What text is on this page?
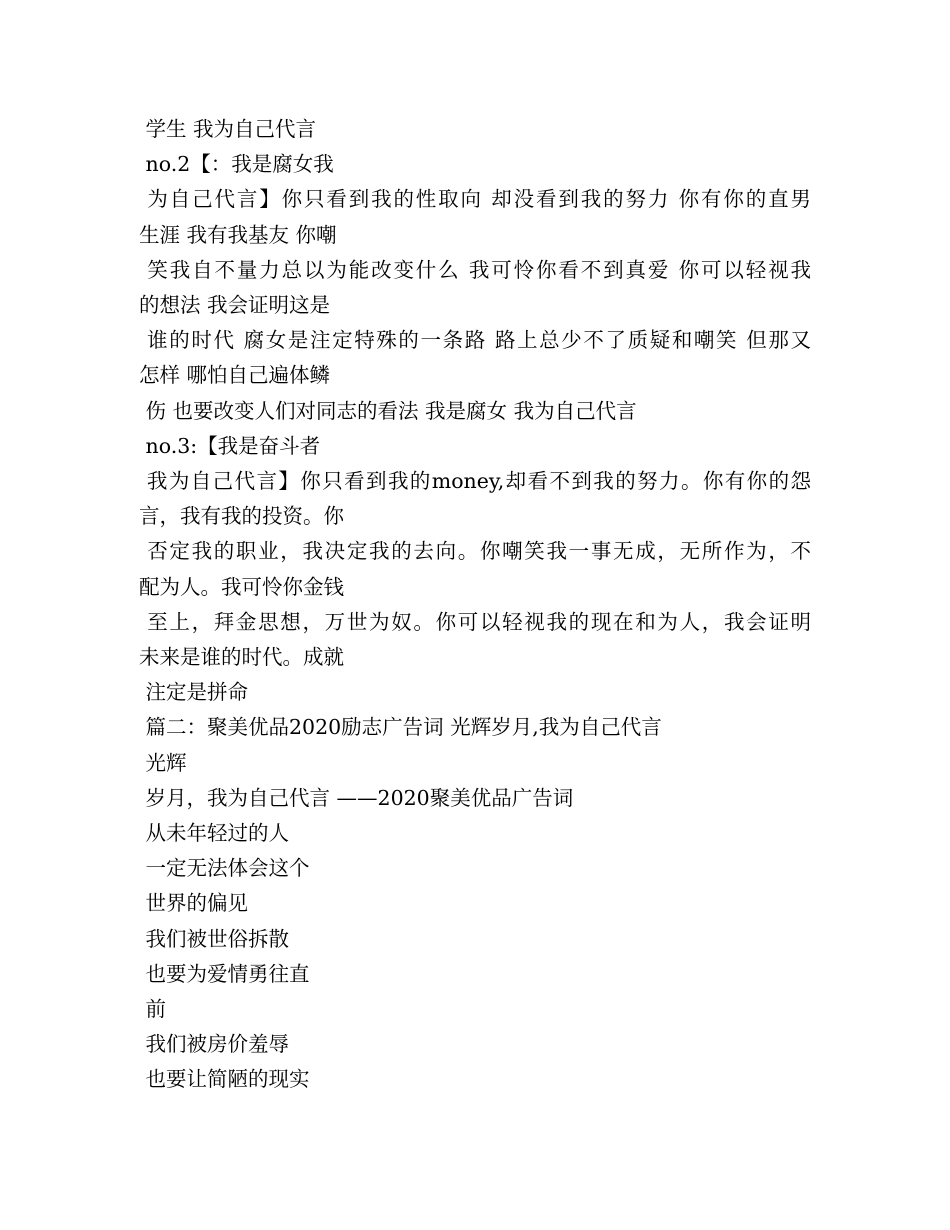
学生 我为自己代言
no.2【：我是腐女我
为自己代言】你只看到我的性取向 却没看到我的努力 你有你的直男
生涯 我有我基友 你嘲
笑我自不量力总以为能改变什么 我可怜你看不到真爱 你可以轻视我
的想法 我会证明这是
谁的时代 腐女是注定特殊的一条路 路上总少不了质疑和嘲笑 但那又
怎样 哪怕自己遍体鳞
伤 也要改变人们对同志的看法 我是腐女 我为自己代言
no.3:【我是奋斗者
我为自己代言】你只看到我的money,却看不到我的努力。你有你的怨
言，我有我的投资。你
否定我的职业，我决定我的去向。你嘲笑我一事无成，无所作为，不
配为人。我可怜你金钱
至上，拜金思想，万世为奴。你可以轻视我的现在和为人，我会证明
未来是谁的时代。成就
注定是拼命
篇二：聚美优品2020励志广告词 光辉岁月,我为自己代言
光辉
岁月，我为自己代言 ——2020聚美优品广告词
从未年轻过的人
一定无法体会这个
世界的偏见
我们被世俗拆散
也要为爱情勇往直
前
我们被房价羞辱
也要让简陋的现实
